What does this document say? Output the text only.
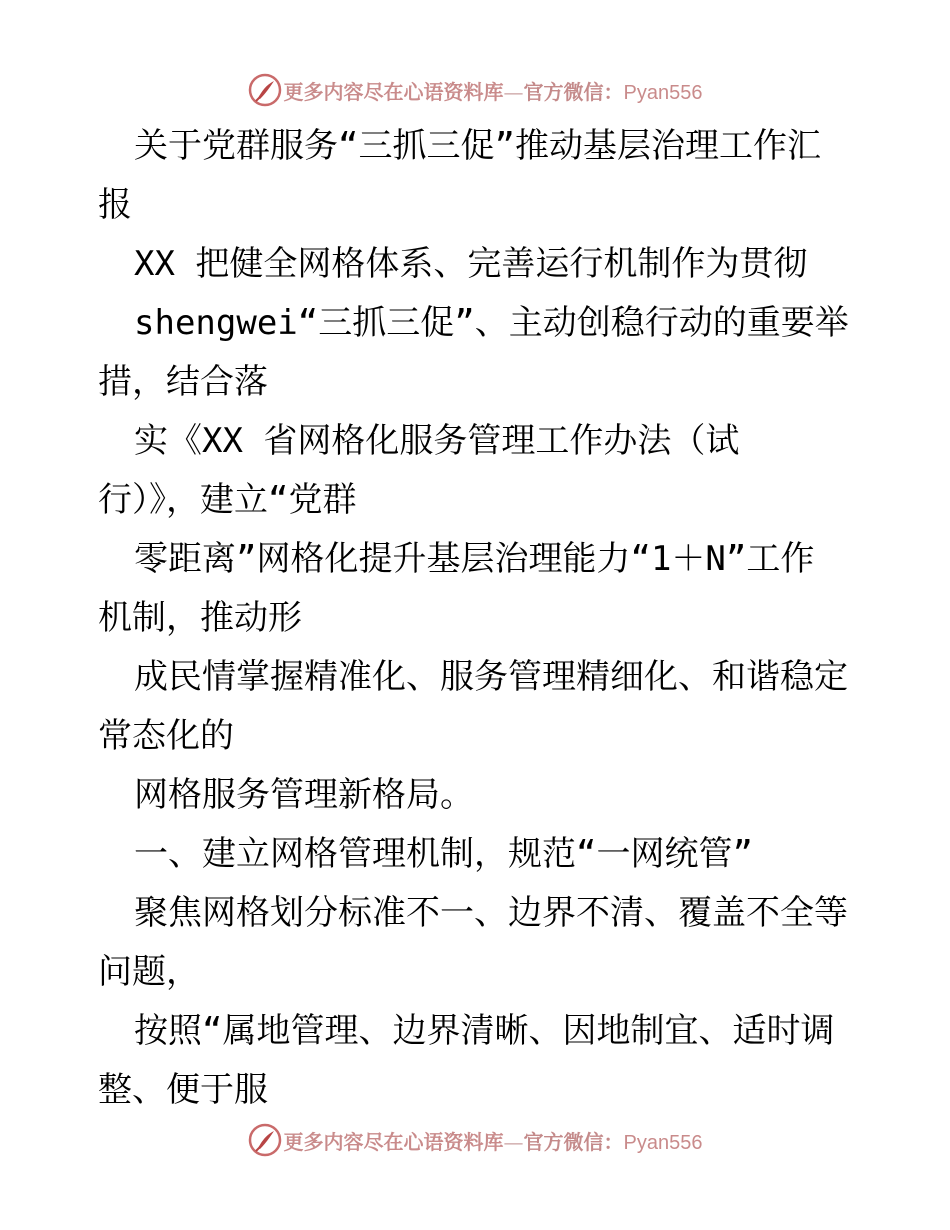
更多内容尽在心语资料库—官方微信：Pyan556
关于党群服务“三抓三促”推动基层治理工作汇
报
XX 把健全网格体系、完善运行机制作为贯彻
shengwei“三抓三促”、主动创稳行动的重要举
措，结合落
实《XX 省网格化服务管理工作办法（试
行）》，建立“党群
零距离”网格化提升基层治理能力“1＋N”工作
机制，推动形
成民情掌握精准化、服务管理精细化、和谐稳定
常态化的
网格服务管理新格局。
一、建立网格管理机制，规范“一网统管”
聚焦网格划分标准不一、边界不清、覆盖不全等
问题，
按照“属地管理、边界清晰、因地制宜、适时调
整、便于服
更多内容尽在心语资料库—官方微信：Pyan556
